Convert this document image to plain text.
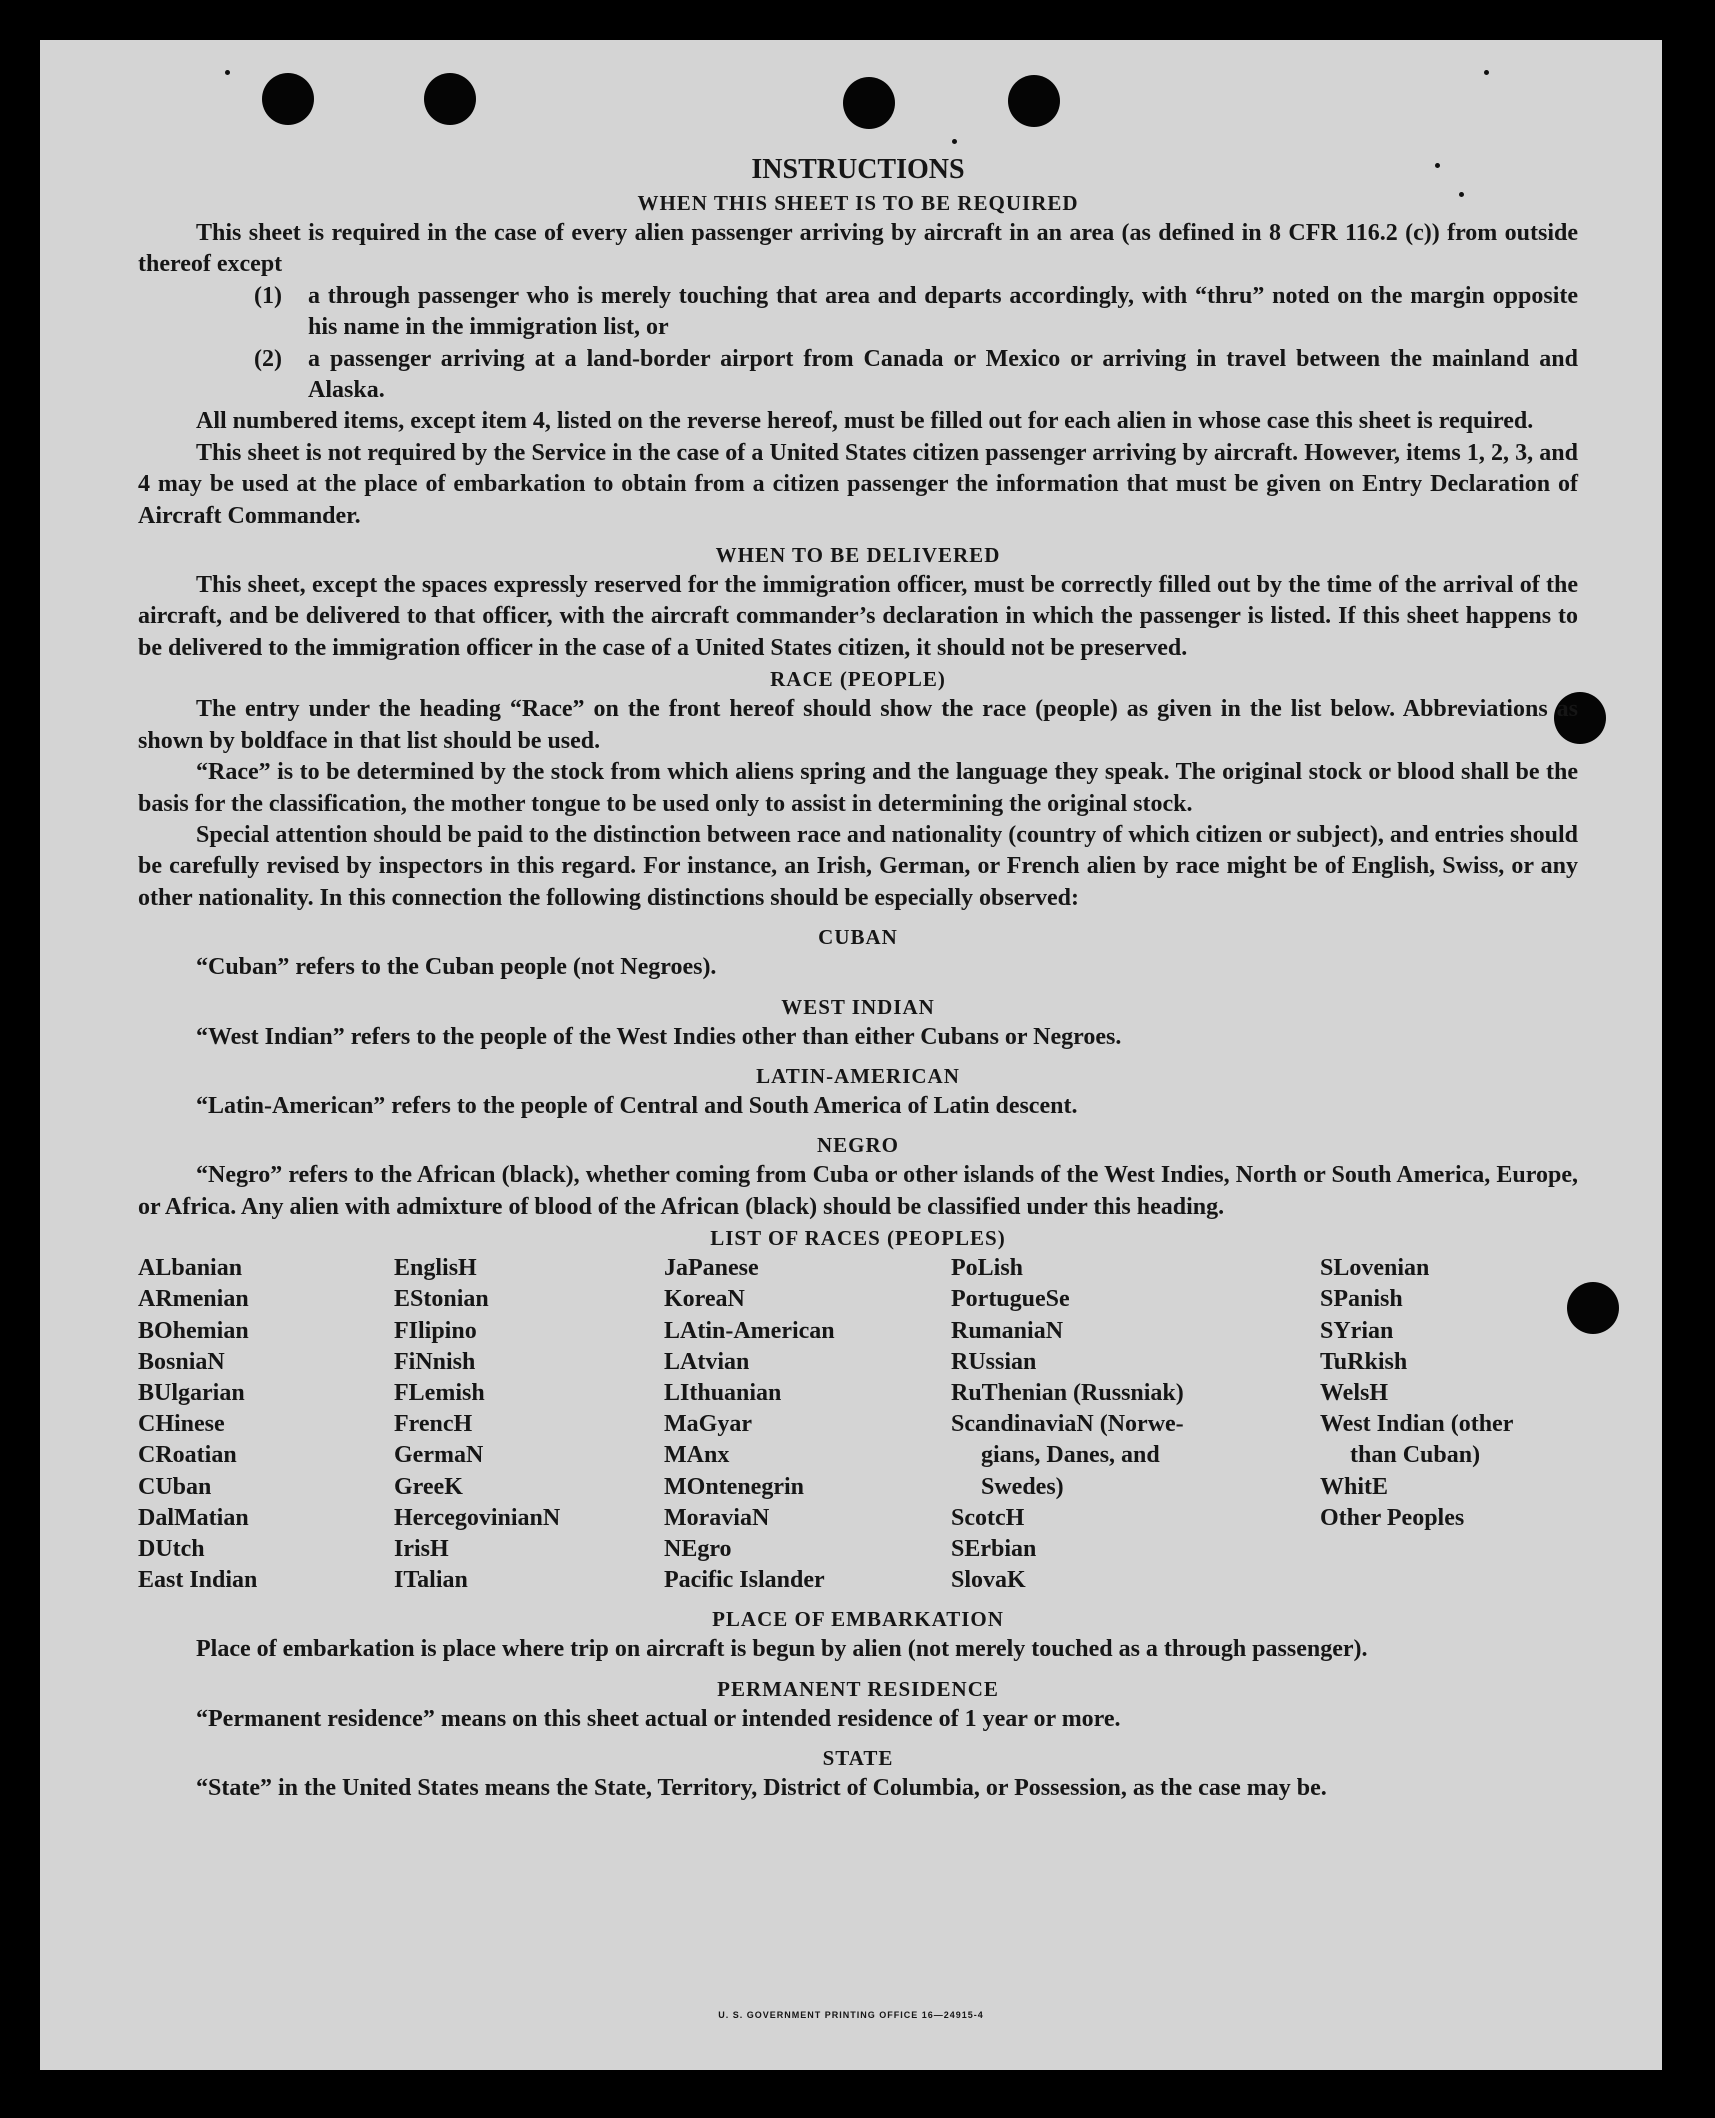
INSTRUCTIONS
WHEN THIS SHEET IS TO BE REQUIRED

This sheet is required in the case of every alien passenger arriving by aircraft in an area (as defined in 8 CFR 116.2 (c)) from outside thereof except

(1)	a through passenger who is merely touching that area and departs accordingly, with “thru” noted on the margin opposite his name in the immigration list, or
(2)	a passenger arriving at a land-border airport from Canada or Mexico or arriving in travel between the mainland and Alaska.

All numbered items, except item 4, listed on the reverse hereof, must be filled out for each alien in whose case this sheet is required.

This sheet is not required by the Service in the case of a United States citizen passenger arriving by aircraft. However, items 1, 2, 3, and 4 may be used at the place of embarkation to obtain from a citizen passenger the information that must be given on Entry Declaration of Aircraft Commander.

WHEN TO BE DELIVERED

This sheet, except the spaces expressly reserved for the immigration officer, must be correctly filled out by the time of the arrival of the aircraft, and be delivered to that officer, with the aircraft commander’s declaration in which the passenger is listed. If this sheet happens to be delivered to the immigration officer in the case of a United States citizen, it should not be preserved.

RACE (PEOPLE)

The entry under the heading “Race” on the front hereof should show the race (people) as given in the list below. Abbreviations as shown by boldface in that list should be used.

“Race” is to be determined by the stock from which aliens spring and the language they speak. The original stock or blood shall be the basis for the classification, the mother tongue to be used only to assist in determining the original stock.

Special attention should be paid to the distinction between race and nationality (country of which citizen or subject), and entries should be carefully revised by inspectors in this regard. For instance, an Irish, German, or French alien by race might be of English, Swiss, or any other nationality. In this connection the following distinctions should be especially observed:

CUBAN

“Cuban” refers to the Cuban people (not Negroes).

WEST INDIAN

“West Indian” refers to the people of the West Indies other than either Cubans or Negroes.

LATIN-AMERICAN

“Latin-American” refers to the people of Central and South America of Latin descent.

NEGRO

“Negro” refers to the African (black), whether coming from Cuba or other islands of the West Indies, North or South America, Europe, or Africa. Any alien with admixture of blood of the African (black) should be classified under this heading.

LIST OF RACES (PEOPLES)
ALbanian
ARmenian
BOhemian
BosniaN
BUlgarian
CHinese
CRoatian
CUban
DalMatian
DUtch
East Indian
EnglisH
EStonian
FIlipino
FiNnish
FLemish
FrencH
GermaN
GreeK
HercegovinianN
IrisH
ITalian
JaPanese
KoreaN
LAtin-American
LAtvian
LIthuanian
MaGyar
MAnx
MOntenegrin
MoraviaN
NEgro
Pacific Islander
PoLish
PortugueSe
RumaniaN
RUssian
RuThenian (Russniak)
ScandinaviaN (Norwe-
gians, Danes, and
Swedes)
ScotcH
SErbian
SlovaK
SLovenian
SPanish
SYrian
TuRkish
WelsH
West Indian (other
than Cuban)
WhitE
Other Peoples
PLACE OF EMBARKATION

Place of embarkation is place where trip on aircraft is begun by alien (not merely touched as a through passenger).

PERMANENT RESIDENCE

“Permanent residence” means on this sheet actual or intended residence of 1 year or more.

STATE

“State” in the United States means the State, Territory, District of Columbia, or Possession, as the case may be.

U. S. GOVERNMENT PRINTING OFFICE 16—24915-4
